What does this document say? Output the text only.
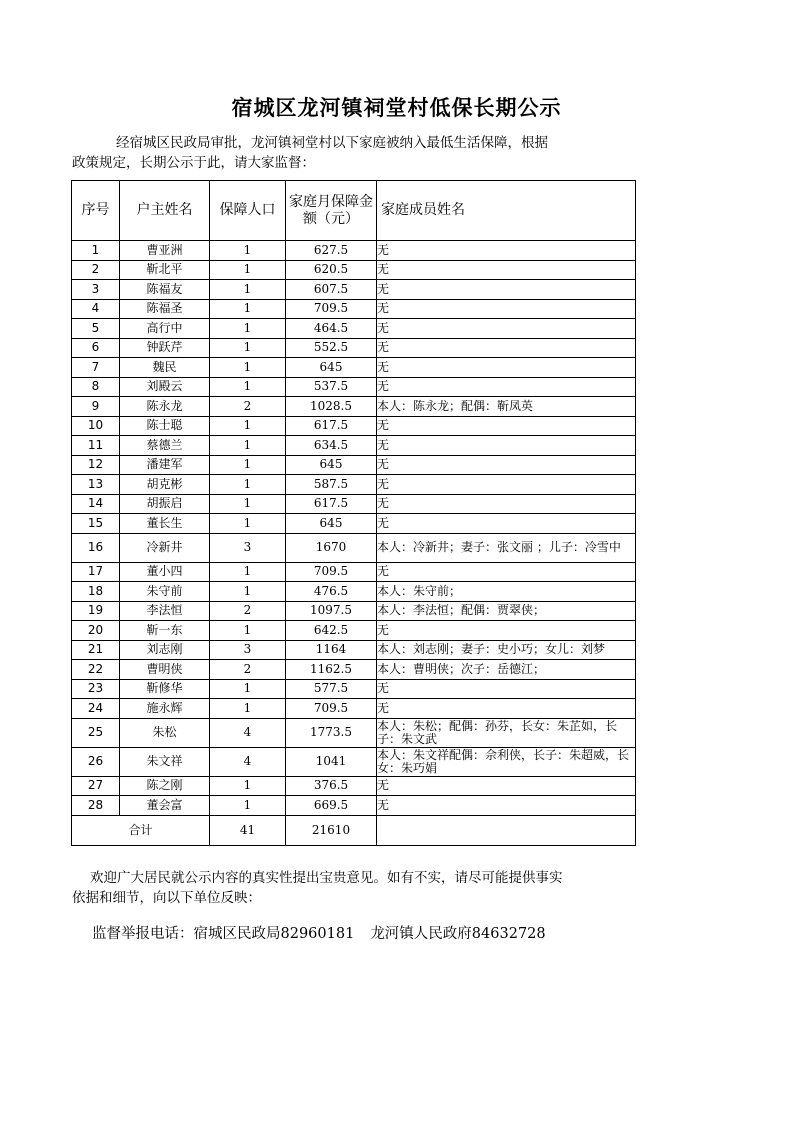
宿城区龙河镇祠堂村低保长期公示
经宿城区民政局审批，龙河镇祠堂村以下家庭被纳入最低生活保障，根据
政策规定，长期公示于此，请大家监督：
序号	户主姓名	保障人口	家庭月保障金额（元）	家庭成员姓名
1	曹亚洲	1	627.5	无
2	靳北平	1	620.5	无
3	陈福友	1	607.5	无
4	陈福圣	1	709.5	无
5	高行中	1	464.5	无
6	钟跃芹	1	552.5	无
7	魏民	1	645	无
8	刘殿云	1	537.5	无
9	陈永龙	2	1028.5	本人：陈永龙；配偶：靳凤英
10	陈士聪	1	617.5	无
11	蔡德兰	1	634.5	无
12	潘建军	1	645	无
13	胡克彬	1	587.5	无
14	胡振启	1	617.5	无
15	董长生	1	645	无
16	冷新井	3	1670	本人：冷新井；妻子：张文丽 ；儿子：冷雪中
17	董小四	1	709.5	无
18	朱守前	1	476.5	本人：朱守前；
19	李法恒	2	1097.5	本人：李法恒；配偶：贾翠侠；
20	靳一东	1	642.5	无
21	刘志刚	3	1164	本人：刘志刚；妻子：史小巧；女儿：刘梦
22	曹明侠	2	1162.5	本人：曹明侠；次子：岳德江；
23	靳修华	1	577.5	无
24	施永辉	1	709.5	无
25	朱松	4	1773.5	本人：朱松；配偶：孙芬，长女：朱芷如，长子：朱文武
26	朱文祥	4	1041	本人：朱文祥配偶：佘利侠，长子：朱超威，长女：朱巧娟
27	陈之刚	1	376.5	无
28	董会富	1	669.5	无
合计		41	21610	
欢迎广大居民就公示内容的真实性提出宝贵意见。如有不实，请尽可能提供事实
依据和细节，向以下单位反映：
监督举报电话：宿城区民政局82960181 龙河镇人民政府84632728
